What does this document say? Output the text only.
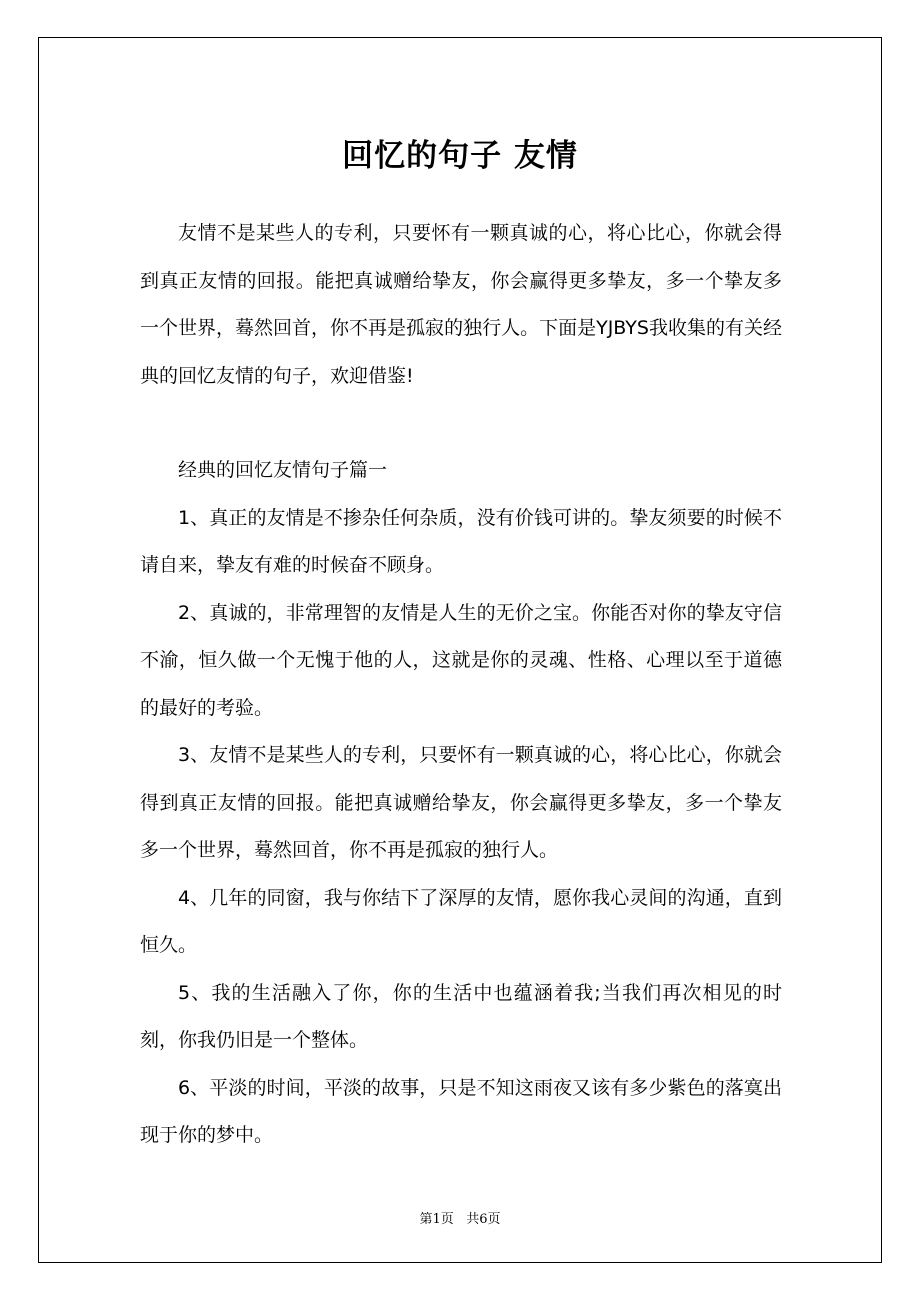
回忆的句子 友情

友情不是某些人的专利，只要怀有一颗真诚的心，将心比心，你就会得到真正友情的回报。能把真诚赠给挚友，你会赢得更多挚友，多一个挚友多一个世界，蓦然回首，你不再是孤寂的独行人。下面是YJBYS我收集的有关经典的回忆友情的句子，欢迎借鉴!

经典的回忆友情句子篇一

1、真正的友情是不掺杂任何杂质，没有价钱可讲的。挚友须要的时候不请自来，挚友有难的时候奋不顾身。

2、真诚的，非常理智的友情是人生的无价之宝。你能否对你的挚友守信不渝，恒久做一个无愧于他的人，这就是你的灵魂、性格、心理以至于道德的最好的考验。

3、友情不是某些人的专利，只要怀有一颗真诚的心，将心比心，你就会得到真正友情的回报。能把真诚赠给挚友，你会赢得更多挚友，多一个挚友多一个世界，蓦然回首，你不再是孤寂的独行人。

4、几年的同窗，我与你结下了深厚的友情，愿你我心灵间的沟通，直到恒久。

5、我的生活融入了你，你的生活中也蕴涵着我;当我们再次相见的时刻，你我仍旧是一个整体。

6、平淡的时间，平淡的故事，只是不知这雨夜又该有多少紫色的落寞出现于你的梦中。

第1页 共6页
